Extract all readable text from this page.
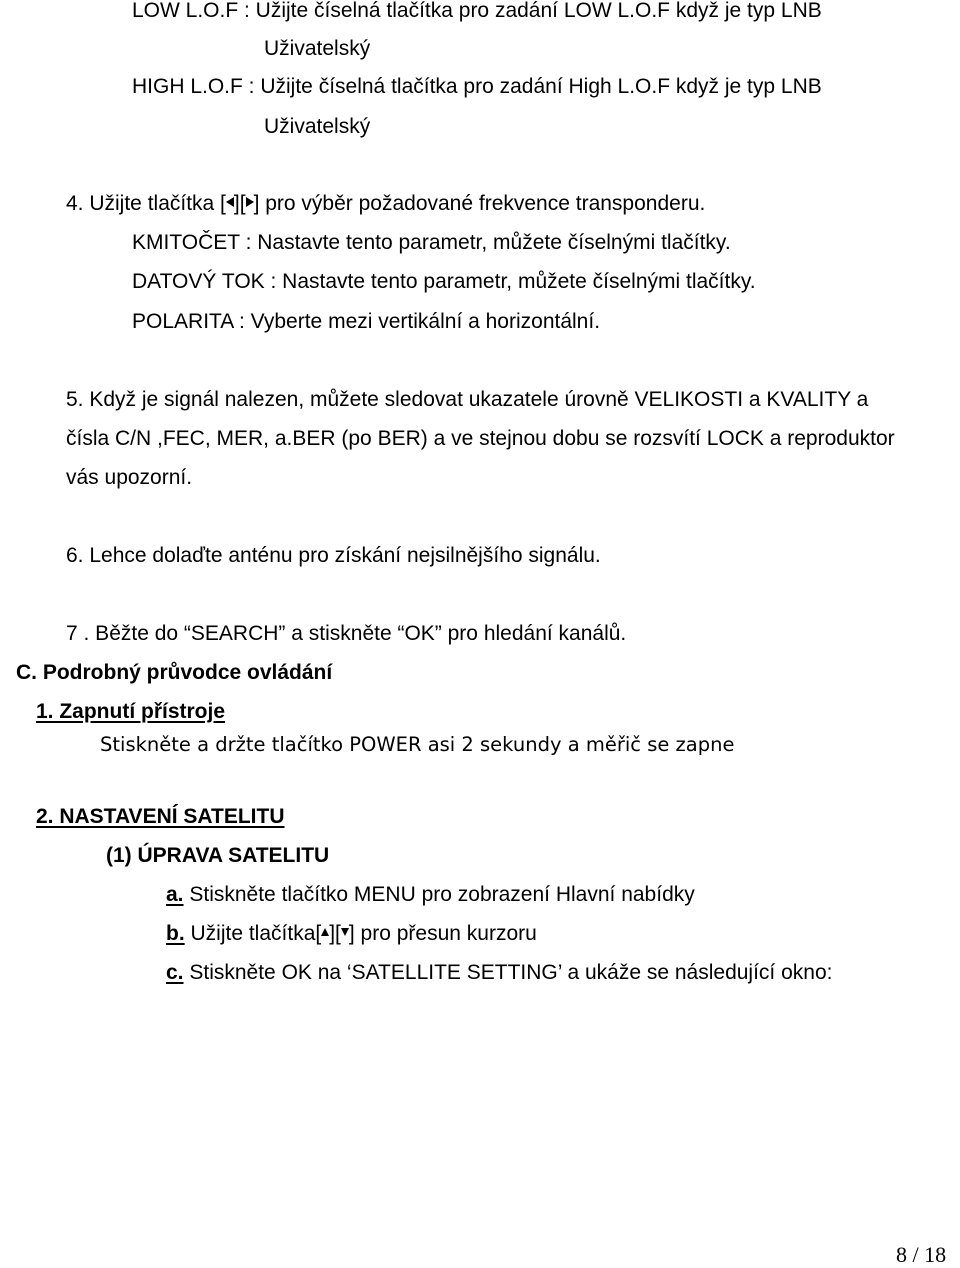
LOW L.O.F : Užijte číselná tlačítka pro zadání LOW L.O.F když je typ LNB
Uživatelský
HIGH L.O.F : Užijte číselná tlačítka pro zadání High L.O.F když je typ LNB
Uživatelský
4. Užijte tlačítka [ ][ ] pro výběr požadované frekvence transponderu.
KMITOČET : Nastavte tento parametr, můžete číselnými tlačítky.
DATOVÝ TOK : Nastavte tento parametr, můžete číselnými tlačítky.
POLARITA : Vyberte mezi vertikální a horizontální.
5. Když je signál nalezen, můžete sledovat ukazatele úrovně VELIKOSTI a KVALITY a
čísla C/N ,FEC, MER, a.BER (po BER) a ve stejnou dobu se rozsvítí LOCK a reproduktor
vás upozorní.
6. Lehce dolaďte anténu pro získání nejsilnějšího signálu.
7 . Běžte do “SEARCH” a stiskněte “OK” pro hledání kanálů.
C. Podrobný průvodce ovládání
1. Zapnutí přístroje
Stiskněte a držte tlačítko POWER asi 2 sekundy a měřič se zapne
2. NASTAVENÍ SATELITU
(1) ÚPRAVA SATELITU
a. Stiskněte tlačítko MENU pro zobrazení Hlavní nabídky
b. Užijte tlačítka[ ][ ] pro přesun kurzoru
c. Stiskněte OK na ‘SATELLITE SETTING’ a ukáže se následující okno:
8 / 18
